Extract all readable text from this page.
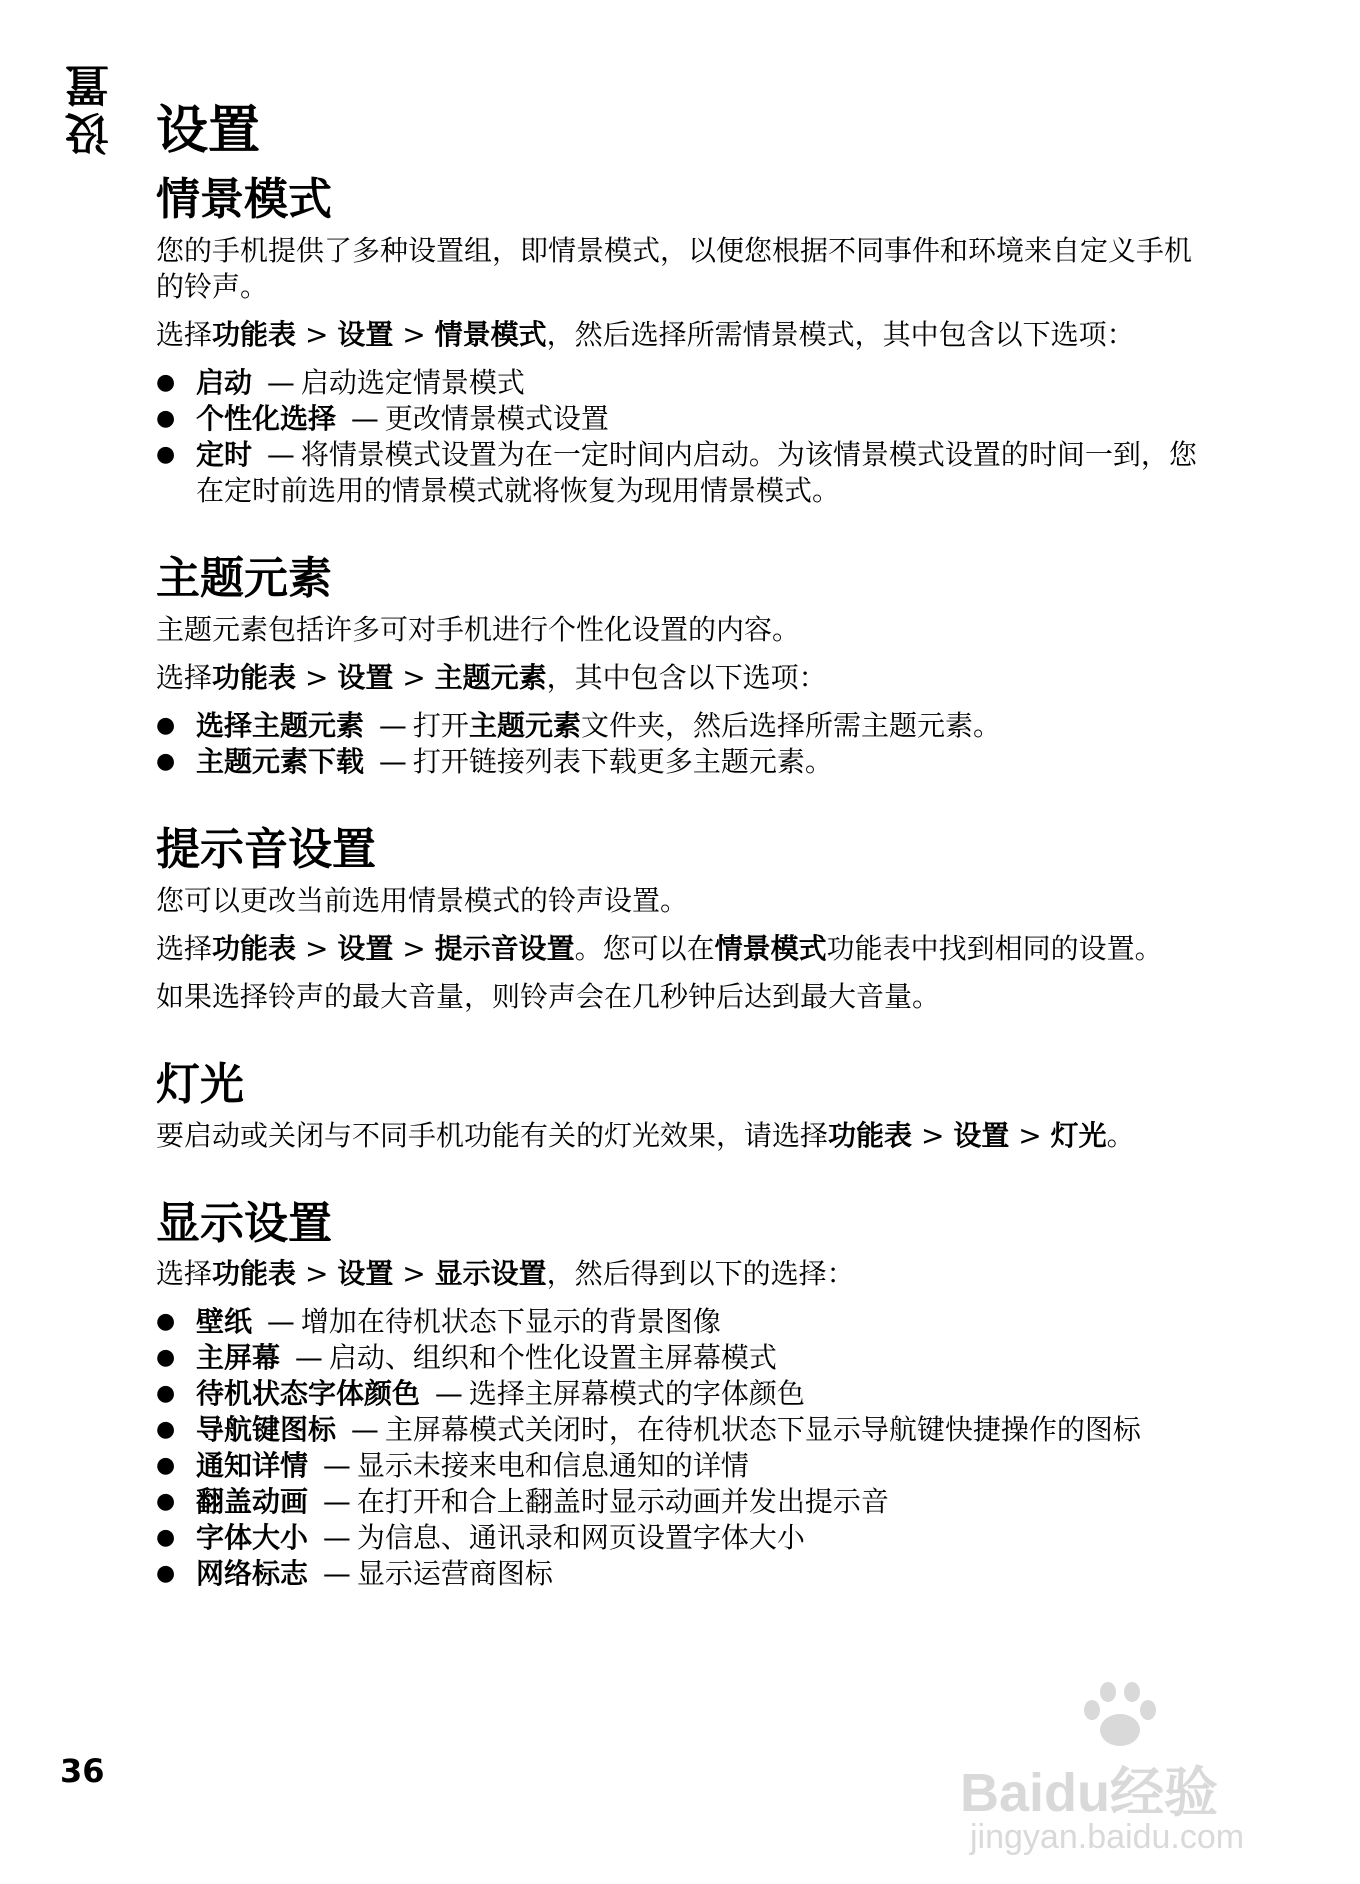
设置 设置
情景模式

您的手机提供了多种设置组，即情景模式，以便您根据不同事件和环境来自定义手机的铃声。

选择功能表 > 设置 > 情景模式，然后选择所需情景模式，其中包含以下选项：

● 启动 — 启动选定情景模式
● 个性化选择 — 更改情景模式设置
● 定时 — 将情景模式设置为在一定时间内启动。为该情景模式设置的时间一到，您在定时前选用的情景模式就将恢复为现用情景模式。
主题元素

主题元素包括许多可对手机进行个性化设置的内容。

选择功能表 > 设置 > 主题元素，其中包含以下选项：

● 选择主题元素 — 打开主题元素文件夹，然后选择所需主题元素。
● 主题元素下载 — 打开链接列表下载更多主题元素。
提示音设置

您可以更改当前选用情景模式的铃声设置。

选择功能表 > 设置 > 提示音设置。您可以在情景模式功能表中找到相同的设置。

如果选择铃声的最大音量，则铃声会在几秒钟后达到最大音量。

灯光

要启动或关闭与不同手机功能有关的灯光效果，请选择功能表 > 设置 > 灯光。

显示设置

选择功能表 > 设置 > 显示设置，然后得到以下的选择：

● 壁纸 — 增加在待机状态下显示的背景图像
● 主屏幕 — 启动、组织和个性化设置主屏幕模式
● 待机状态字体颜色 — 选择主屏幕模式的字体颜色
● 导航键图标 — 主屏幕模式关闭时，在待机状态下显示导航键快捷操作的图标
● 通知详情 — 显示未接来电和信息通知的详情
● 翻盖动画 — 在打开和合上翻盖时显示动画并发出提示音
● 字体大小 — 为信息、通讯录和网页设置字体大小
● 网络标志 — 显示运营商图标
36	Baidu经验
jingyan.baidu.com
